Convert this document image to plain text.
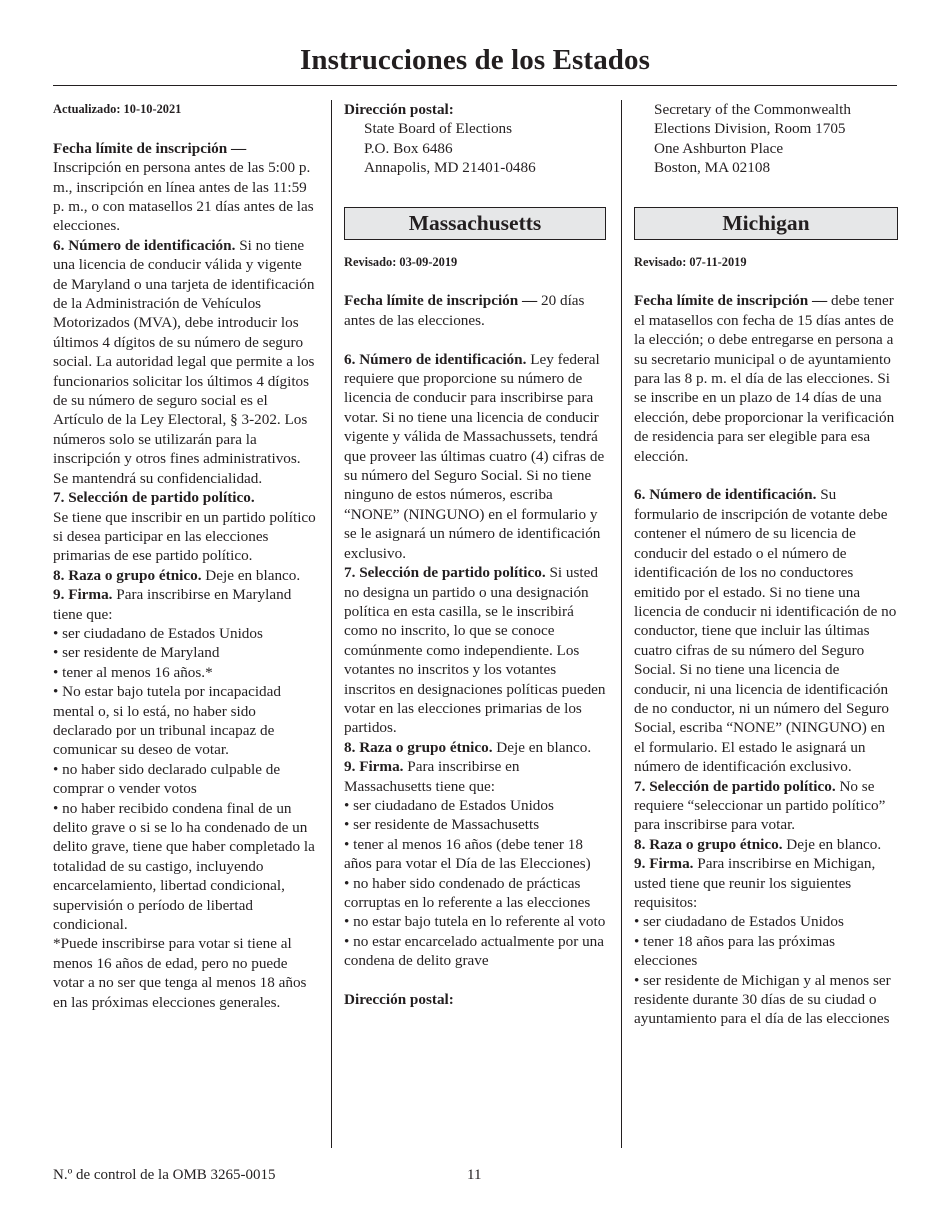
Instrucciones de los Estados

Actualizado: 10-10-2021

Fecha límite de inscripción —
Inscripción en persona antes de las 5:00 p. m., inscripción en línea antes de las 11:59 p. m., o con matasellos 21 días antes de las elecciones.

6. Número de identificación. Si no tiene una licencia de conducir válida y vigente de Maryland o una tarjeta de identificación de la Administración de Vehículos Motorizados (MVA), debe introducir los últimos 4 dígitos de su número de seguro social. La autoridad legal que permite a los funcionarios solicitar los últimos 4 dígitos de su número de seguro social es el Artículo de la Ley Electoral, § 3-202. Los números solo se utilizarán para la inscripción y otros fines administrativos. Se mantendrá su confidencialidad.

7. Selección de partido político.
Se tiene que inscribir en un partido político si desea participar en las elecciones primarias de ese partido político.

8. Raza o grupo étnico. Deje en blanco.

9. Firma. Para inscribirse en Maryland tiene que:

• ser ciudadano de Estados Unidos

• ser residente de Maryland

• tener al menos 16 años.*

• No estar bajo tutela por incapacidad mental o, si lo está, no haber sido declarado por un tribunal incapaz de comunicar su deseo de votar.

• no haber sido declarado culpable de comprar o vender votos

• no haber recibido condena final de un delito grave o si se lo ha condenado de un delito grave, tiene que haber completado la totalidad de su castigo, incluyendo encarcelamiento, libertad condicional, supervisión o período de libertad condicional.

*Puede inscribirse para votar si tiene al menos 16 años de edad, pero no puede votar a no ser que tenga al menos 18 años en las próximas elecciones generales.

Dirección postal:

State Board of Elections

P.O. Box 6486

Annapolis, MD 21401-0486

Massachusetts

Revisado: 03-09-2019

Fecha límite de inscripción — 20 días antes de las elecciones.

6. Número de identificación. Ley federal requiere que proporcione su número de licencia de conducir para inscribirse para votar. Si no tiene una licencia de conducir vigente y válida de Massachussets, tendrá que proveer las últimas cuatro (4) cifras de su número del Seguro Social. Si no tiene ninguno de estos números, escriba “NONE” (NINGUNO) en el formulario y se le asignará un número de identificación exclusivo.

7. Selección de partido político. Si usted no designa un partido o una designación política en esta casilla, se le inscribirá como no inscrito, lo que se conoce comúnmente como independiente. Los votantes no inscritos y los votantes inscritos en designaciones políticas pueden votar en las elecciones primarias de los partidos.

8. Raza o grupo étnico. Deje en blanco.

9. Firma. Para inscribirse en Massachusetts tiene que:

• ser ciudadano de Estados Unidos

• ser residente de Massachusetts

• tener al menos 16 años (debe tener 18 años para votar el Día de las Elecciones)

• no haber sido condenado de prácticas corruptas en lo referente a las elecciones

• no estar bajo tutela en lo referente al voto

• no estar encarcelado actualmente por una condena de delito grave

Dirección postal:

Secretary of the Commonwealth

Elections Division, Room 1705

One Ashburton Place

Boston, MA 02108

Michigan

Revisado: 07-11-2019

Fecha límite de inscripción — debe tener el matasellos con fecha de 15 días antes de la elección; o debe entregarse en persona a su secretario municipal o de ayuntamiento para las 8 p. m. el día de las elecciones. Si se inscribe en un plazo de 14 días de una elección, debe proporcionar la verificación de residencia para ser elegible para esa elección.

6. Número de identificación. Su formulario de inscripción de votante debe contener el número de su licencia de conducir del estado o el número de identificación de los no conductores emitido por el estado. Si no tiene una licencia de conducir ni identificación de no conductor, tiene que incluir las últimas cuatro cifras de su número del Seguro Social. Si no tiene una licencia de conducir, ni una licencia de identificación de no conductor, ni un número del Seguro Social, escriba “NONE” (NINGUNO) en el formulario. El estado le asignará un número de identificación exclusivo.

7. Selección de partido político. No se requiere “seleccionar un partido político” para inscribirse para votar.

8. Raza o grupo étnico. Deje en blanco.

9. Firma. Para inscribirse en Michigan, usted tiene que reunir los siguientes requisitos:

• ser ciudadano de Estados Unidos

• tener 18 años para las próximas elecciones

• ser residente de Michigan y al menos ser residente durante 30 días de su ciudad o ayuntamiento para el día de las elecciones

N.º de control de la OMB 3265-0015	11
